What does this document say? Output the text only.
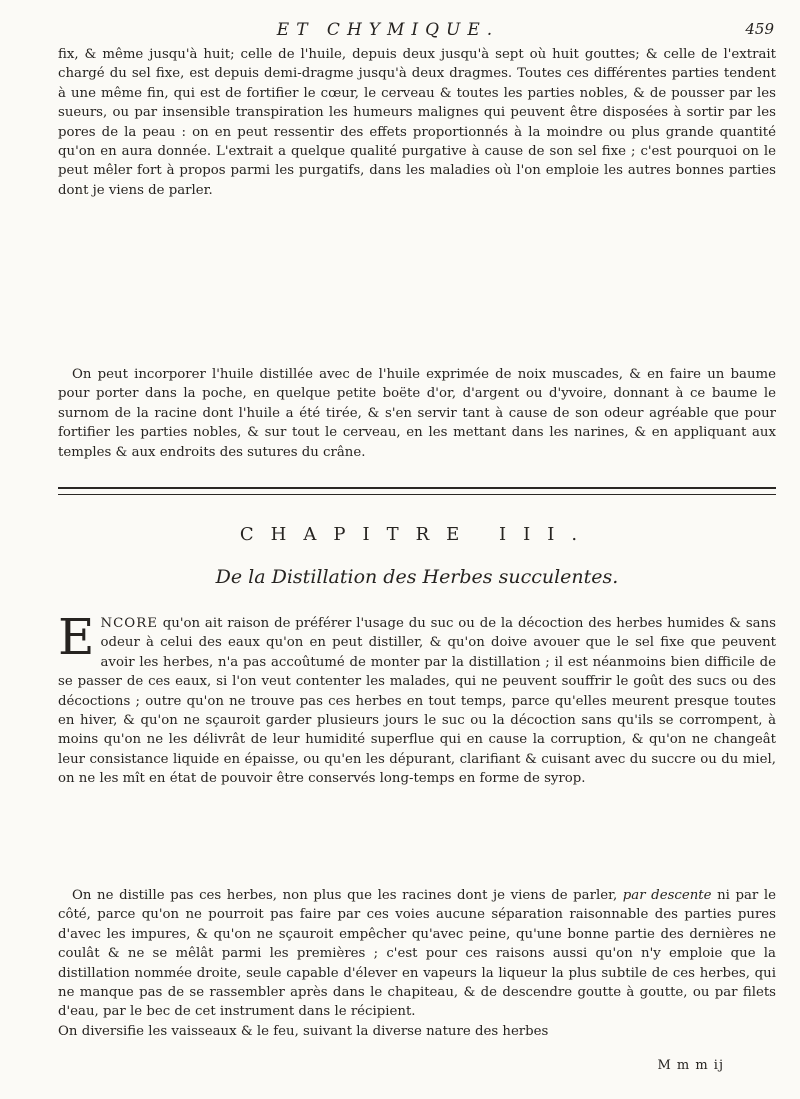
ET CHYMIQUE.	459

fix, & même jusqu'à huit; celle de l'huile, depuis deux jusqu'à sept où huit gouttes; & celle de l'extrait chargé du sel fixe, est depuis demi-dragme jusqu'à deux dragmes. Toutes ces différentes parties tendent à une même fin, qui est de fortifier le cœur, le cerveau & toutes les parties nobles, & de pousser par les sueurs, ou par insensible transpiration les humeurs malignes qui peuvent être disposées à sortir par les pores de la peau : on en peut ressentir des effets proportionnés à la moindre ou plus grande quantité qu'on en aura donnée. L'extrait a quelque qualité purgative à cause de son sel fixe ; c'est pourquoi on le peut mêler fort à propos parmi les purgatifs, dans les maladies où l'on emploie les autres bonnes parties dont je viens de parler.

On peut incorporer l'huile distillée avec de l'huile exprimée de noix muscades, & en faire un baume pour porter dans la poche, en quelque petite boëte d'or, d'argent ou d'yvoire, donnant à ce baume le surnom de la racine dont l'huile a été tirée, & s'en servir tant à cause de son odeur agréable que pour fortifier les parties nobles, & sur tout le cerveau, en les mettant dans les narines, & en appliquant aux temples & aux endroits des sutures du crâne.

CHAPITRE III.
De la Distillation des Herbes succulentes.

ENCORE qu'on ait raison de préférer l'usage du suc ou de la décoction des herbes humides & sans odeur à celui des eaux qu'on en peut distiller, & qu'on doive avouer que le sel fixe que peuvent avoir les herbes, n'a pas accoûtumé de monter par la distillation ; il est néanmoins bien difficile de se passer de ces eaux, si l'on veut contenter les malades, qui ne peuvent souffrir le goût des sucs ou des décoctions ; outre qu'on ne trouve pas ces herbes en tout temps, parce qu'elles meurent presque toutes en hiver, & qu'on ne sçauroit garder plusieurs jours le suc ou la décoction sans qu'ils se corrompent, à moins qu'on ne les délivrât de leur humidité superflue qui en cause la corruption, & qu'on ne changeât leur consistance liquide en épaisse, ou qu'en les dépurant, clarifiant & cuisant avec du succre ou du miel, on ne les mît en état de pouvoir être conservés long-temps en forme de syrop.

On ne distille pas ces herbes, non plus que les racines dont je viens de parler, par descente ni par le côté, parce qu'on ne pourroit pas faire par ces voies aucune séparation raisonnable des parties pures d'avec les impures, & qu'on ne sçauroit empêcher qu'avec peine, qu'une bonne partie des dernières ne coulât & ne se mêlât parmi les premières ; c'est pour ces raisons aussi qu'on n'y emploie que la distillation nommée droite, seule capable d'élever en vapeurs la liqueur la plus subtile de ces herbes, qui ne manque pas de se rassembler après dans le chapiteau, & de descendre goutte à goutte, ou par filets d'eau, par le bec de cet instrument dans le récipient.
On diversifie les vaisseaux & le feu, suivant la diverse nature des herbes

M m m ij
